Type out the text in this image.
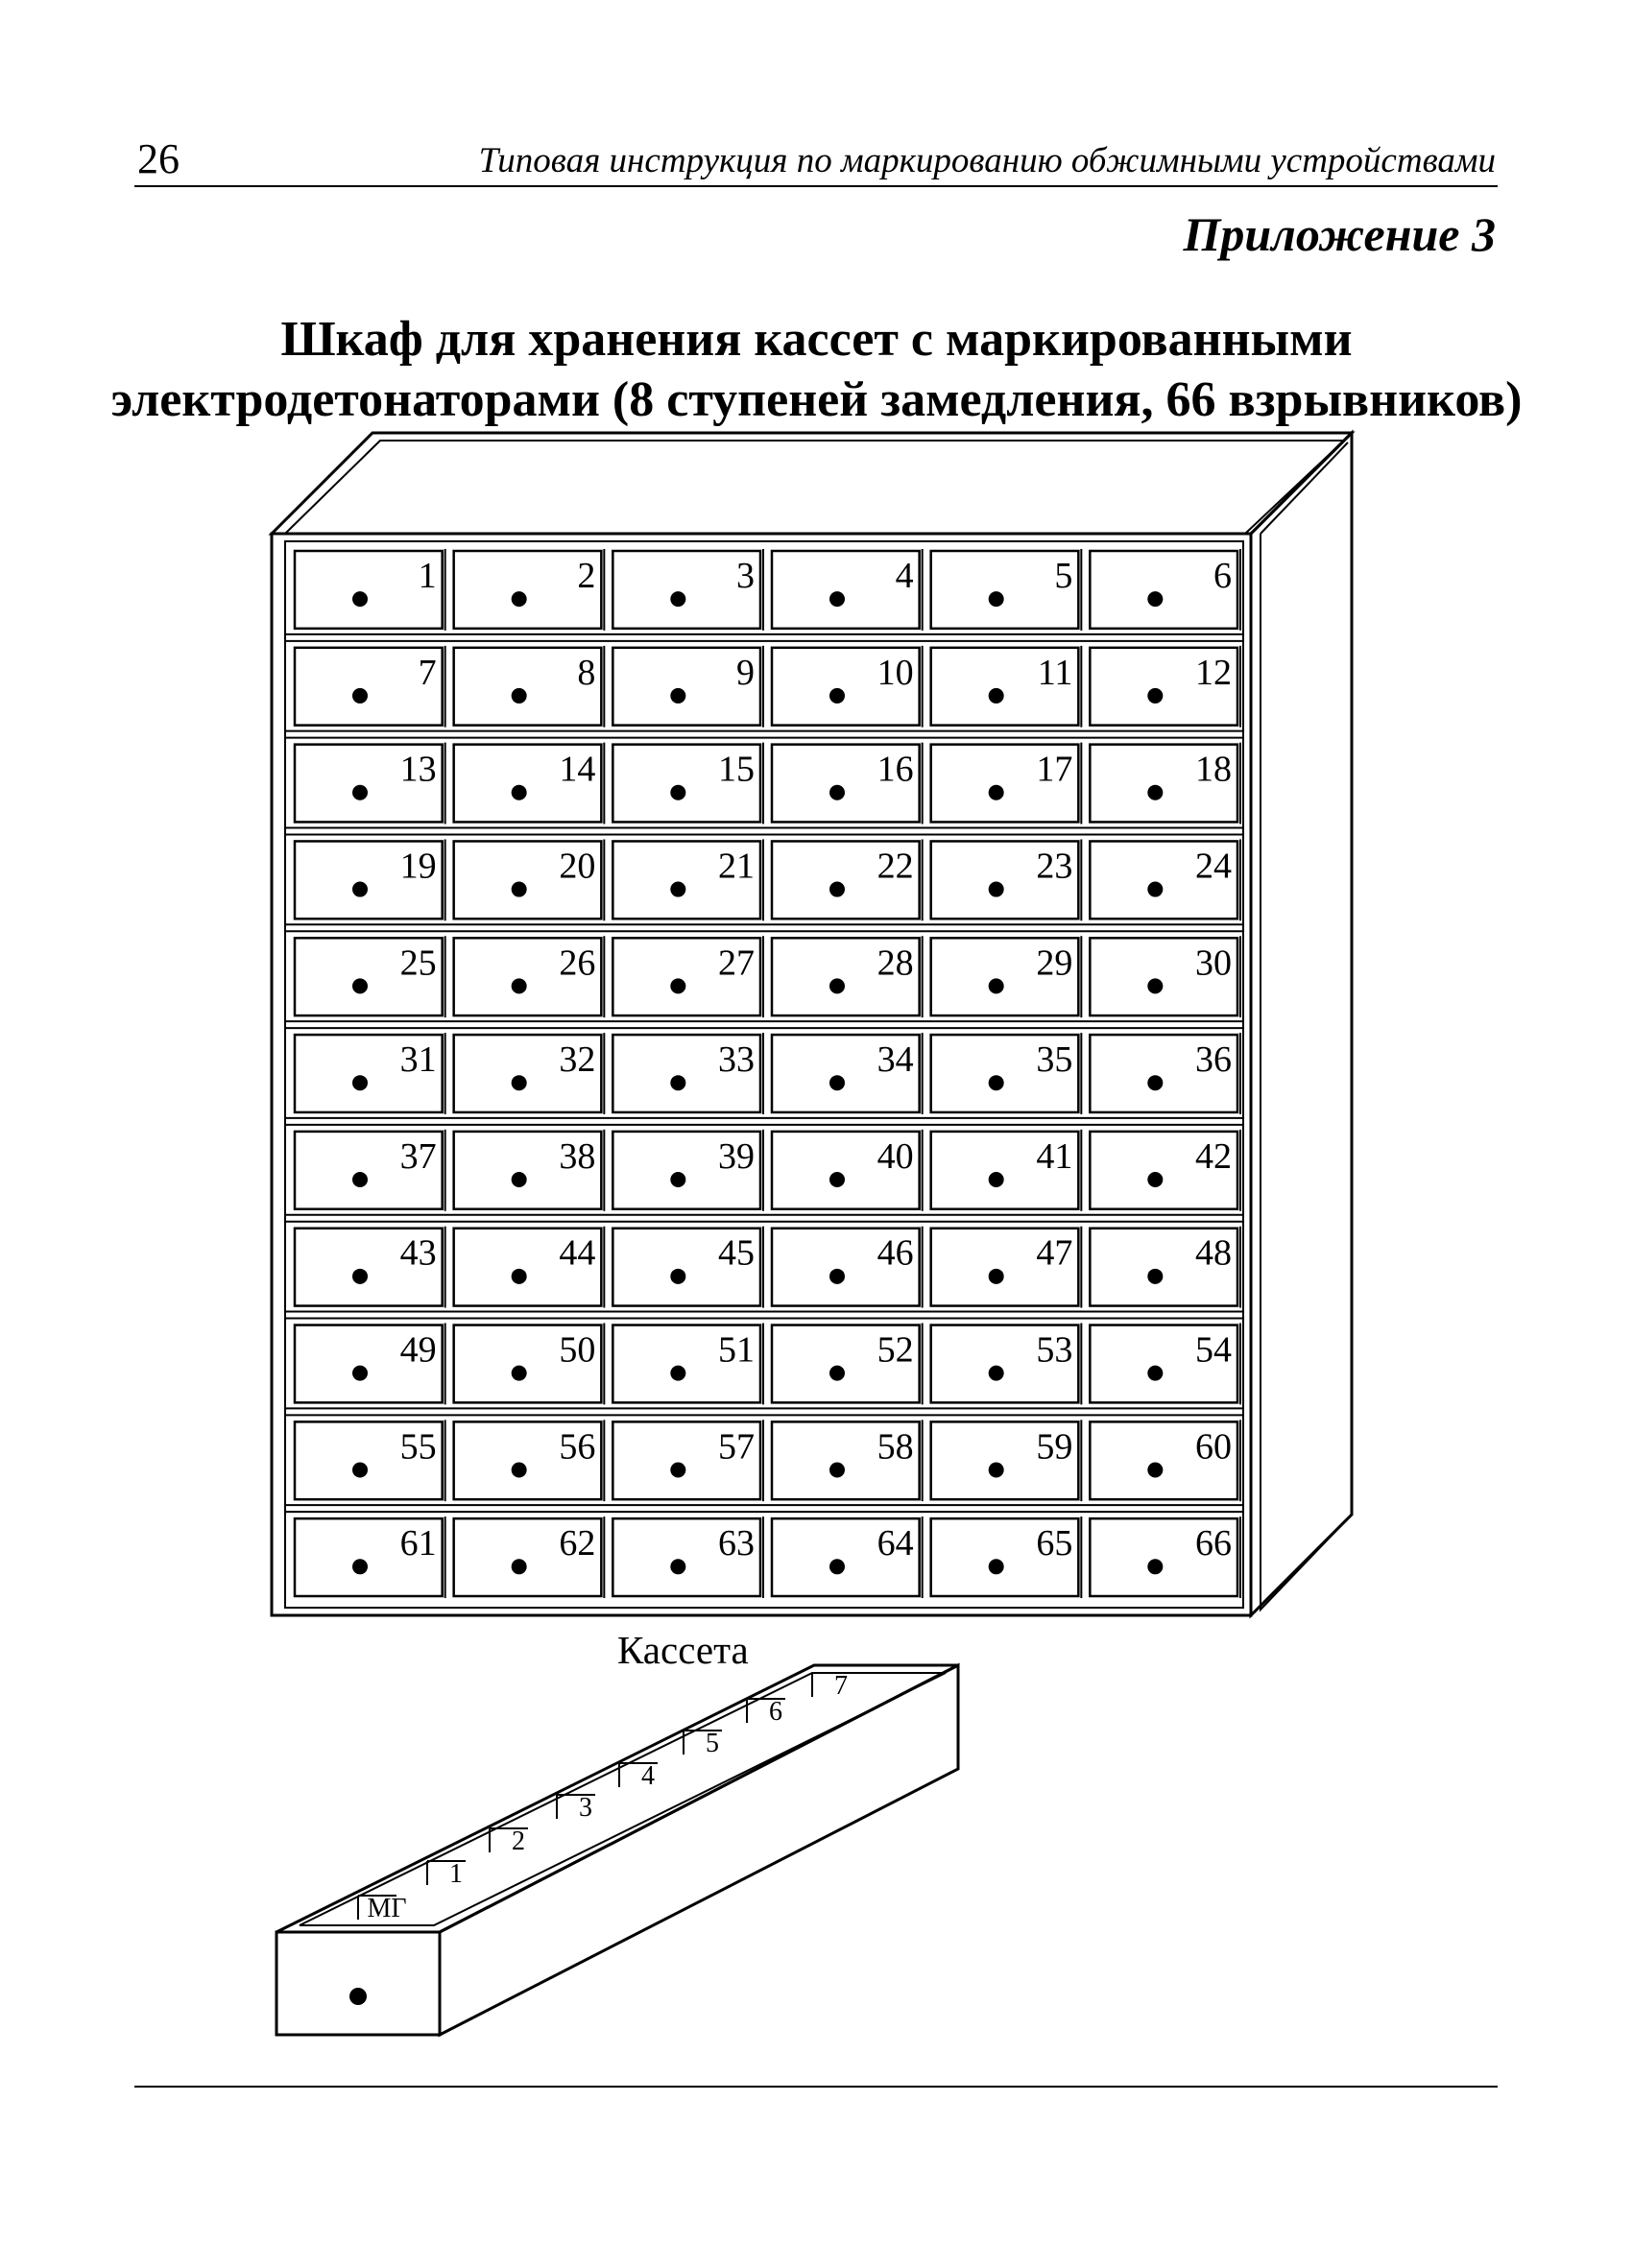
26	Типовая инструкция по маркированию обжимными устройствами
Приложение 3
Шкаф для хранения кассет с маркированными
электродетонаторами (8 ступеней замедления, 66 взрывников)
1	2	3	4	5	6
7	8	9	10	11	12
13	14	15	16	17	18
19	20	21	22	23	24
25	26	27	28	29	30
31	32	33	34	35	36
37	38	39	40	41	42
43	44	45	46	47	48
49	50	51	52	53	54
55	56	57	58	59	60
61	62	63	64	65	66
Кассета
МГ
1
2
3
4
5
6
7
